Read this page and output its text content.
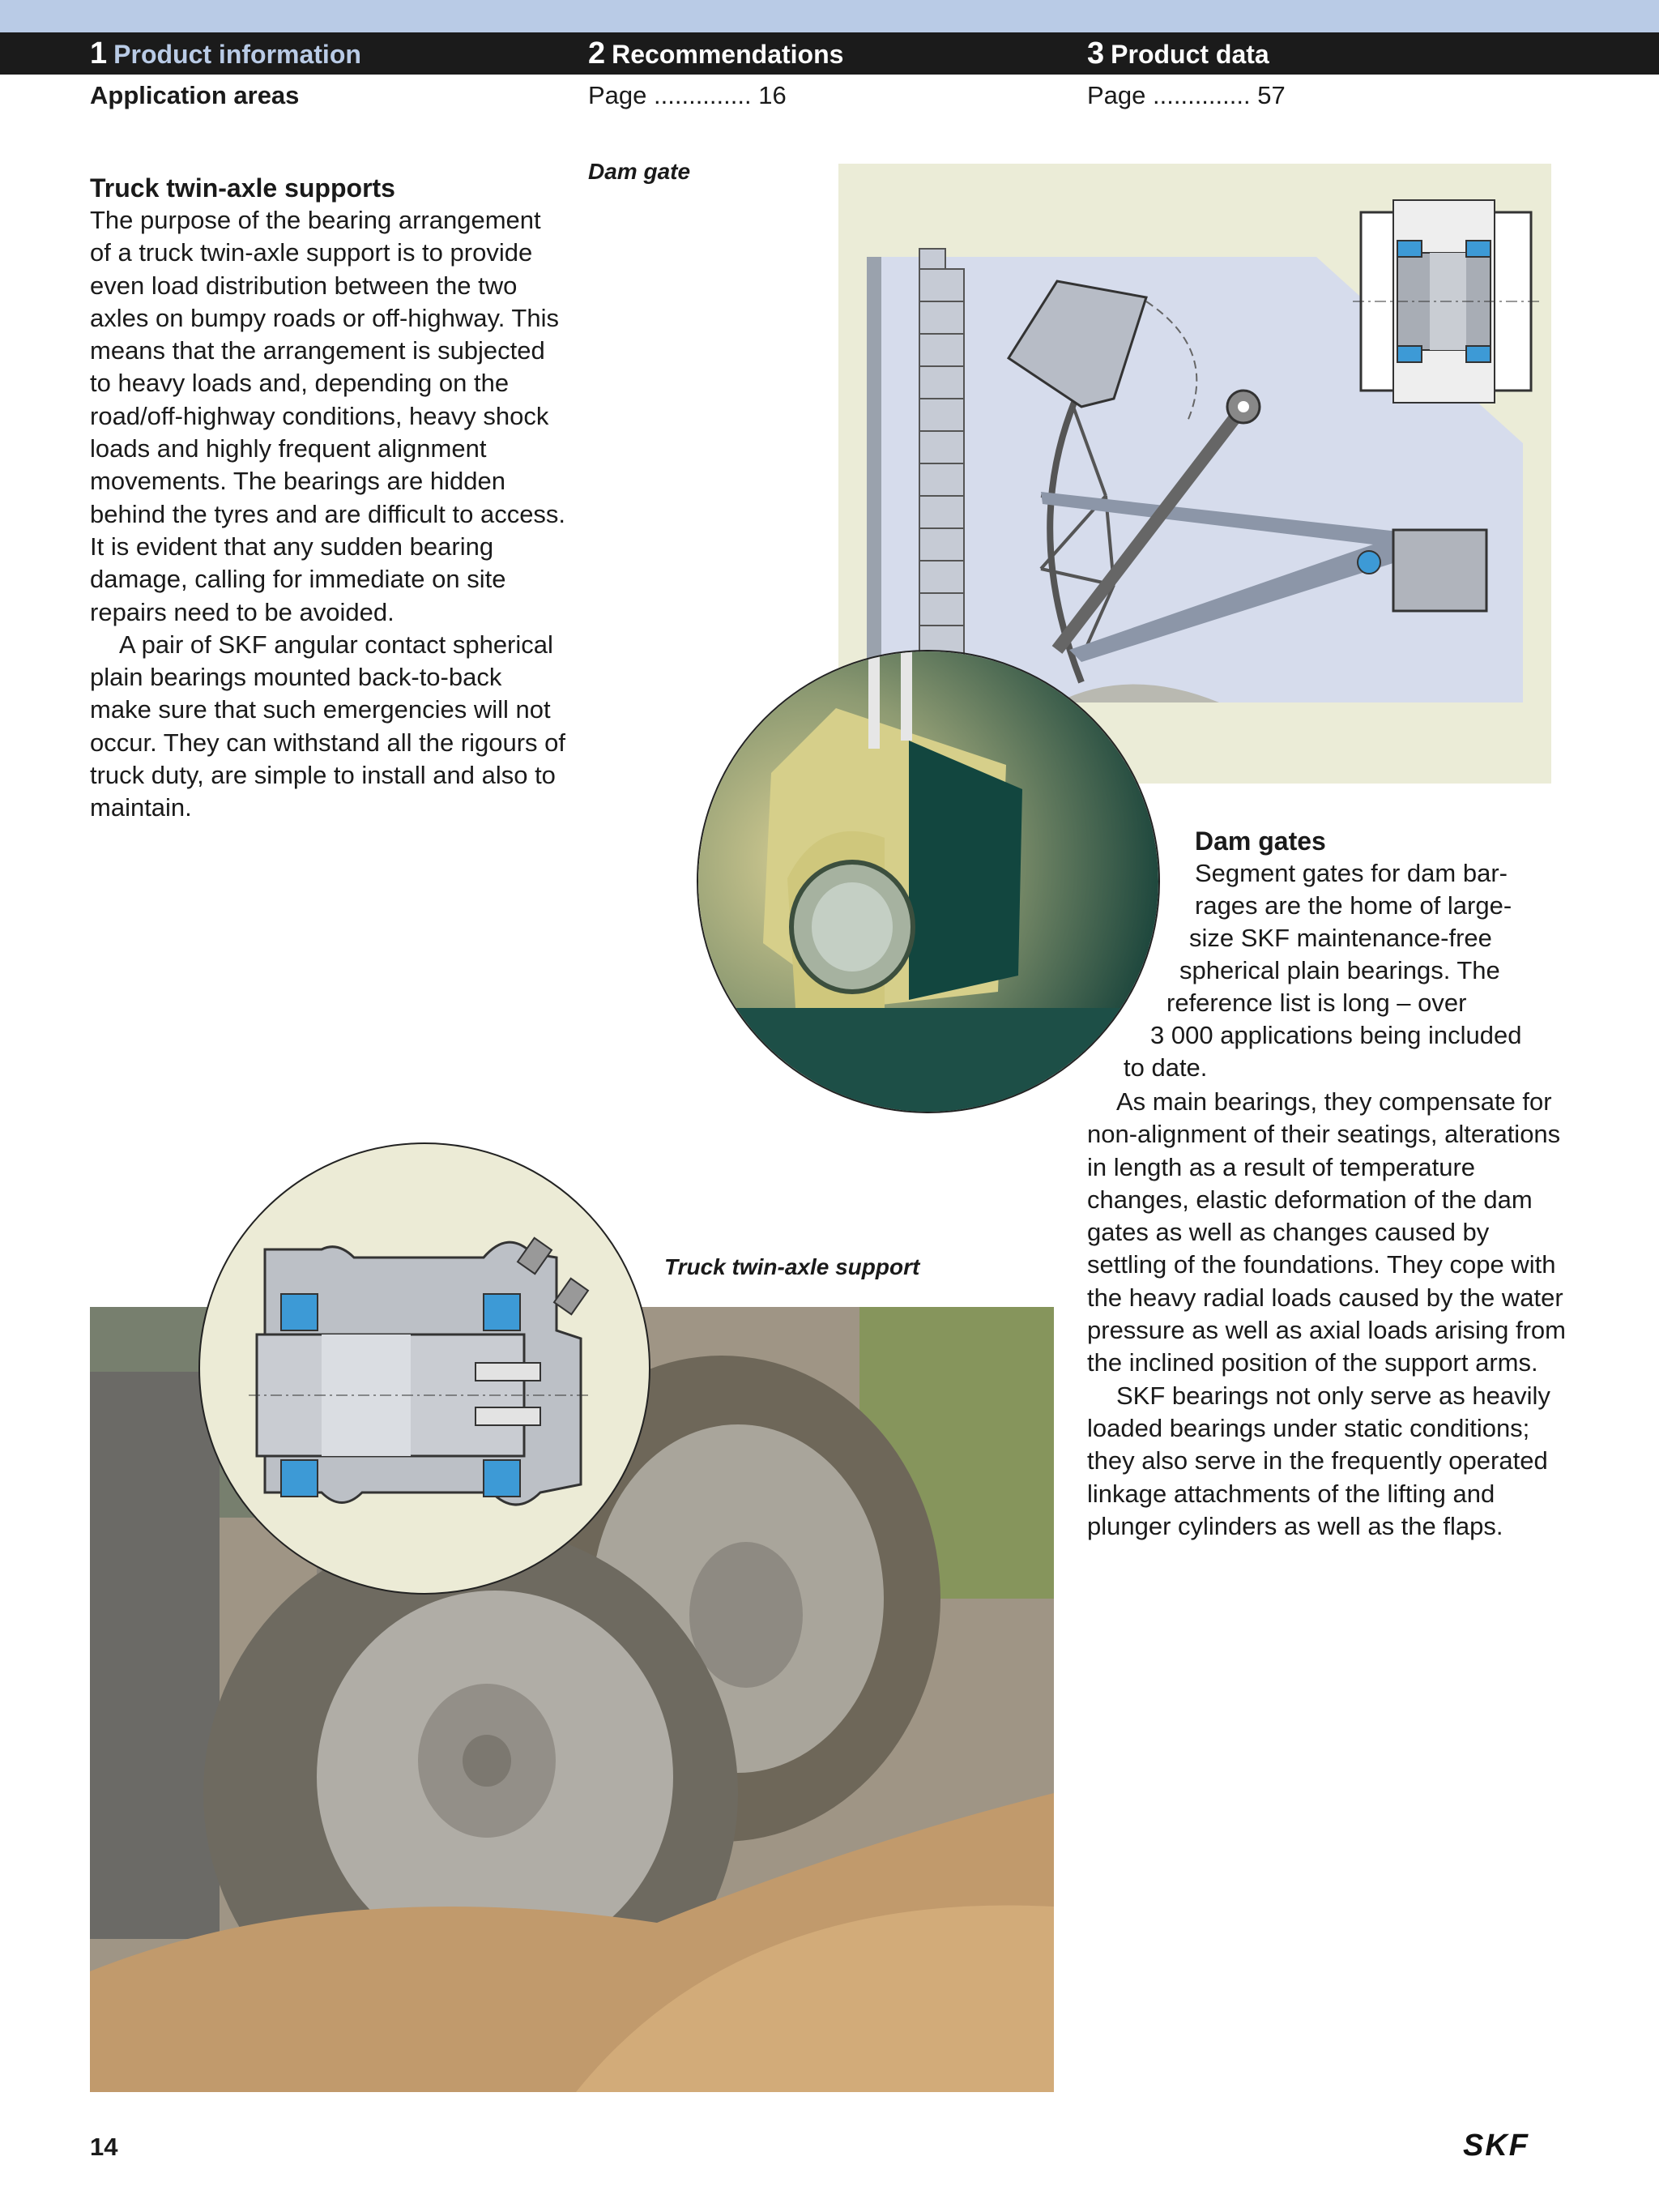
1 Product information	2 Recommendations	3 Product data
Application areas	Page .............. 16	Page .............. 57
Truck twin-axle supports

The purpose of the bearing arrangement of a truck twin-axle support is to provide even load distribution between the two axles on bumpy roads or off-highway. This means that the arrangement is subjected to heavy loads and, depending on the road/off-highway conditions, heavy shock loads and highly frequent alignment movements. The bearings are hidden behind the tyres and are difficult to access. It is evident that any sudden bearing damage, calling for immediate on site repairs need to be avoided.

A pair of SKF angular contact spherical plain bearings mounted back-to-back make sure that such emergencies will not occur. They can withstand all the rigours of truck duty, are simple to install and also to maintain.

Dam gate
Dam gates
Segment gates for dam bar-
rages are the home of large-
size SKF maintenance-free
spherical plain bearings. The
reference list is long – over
3 000 applications being included
to date.

As main bearings, they compensate for non-alignment of their seatings, alterations in length as a result of temperature changes, elastic deformation of the dam gates as well as changes caused by settling of the foundations. They cope with the heavy radial loads caused by the water pressure as well as axial loads arising from the inclined position of the support arms.

SKF bearings not only serve as heavily loaded bearings under static conditions; they also serve in the frequently operated linkage attachments of the lifting and plunger cylinders as well as the flaps.

Truck twin-axle support
14	SKF
